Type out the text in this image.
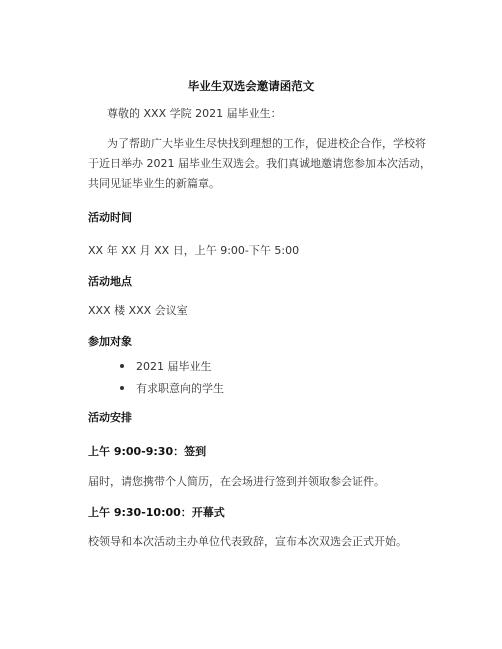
毕业生双选会邀请函范文
尊敬的 XXX 学院 2021 届毕业生：
为了帮助广大毕业生尽快找到理想的工作，促进校企合作，学校将
于近日举办 2021 届毕业生双选会。我们真诚地邀请您参加本次活动，
共同见证毕业生的新篇章。
活动时间
XX 年 XX 月 XX 日，上午 9:00-下午 5:00
活动地点
XXX 楼 XXX 会议室
参加对象
2021 届毕业生
有求职意向的学生
活动安排
上午 9:00-9:30：签到
届时，请您携带个人简历，在会场进行签到并领取参会证件。
上午 9:30-10:00：开幕式
校领导和本次活动主办单位代表致辞，宣布本次双选会正式开始。
